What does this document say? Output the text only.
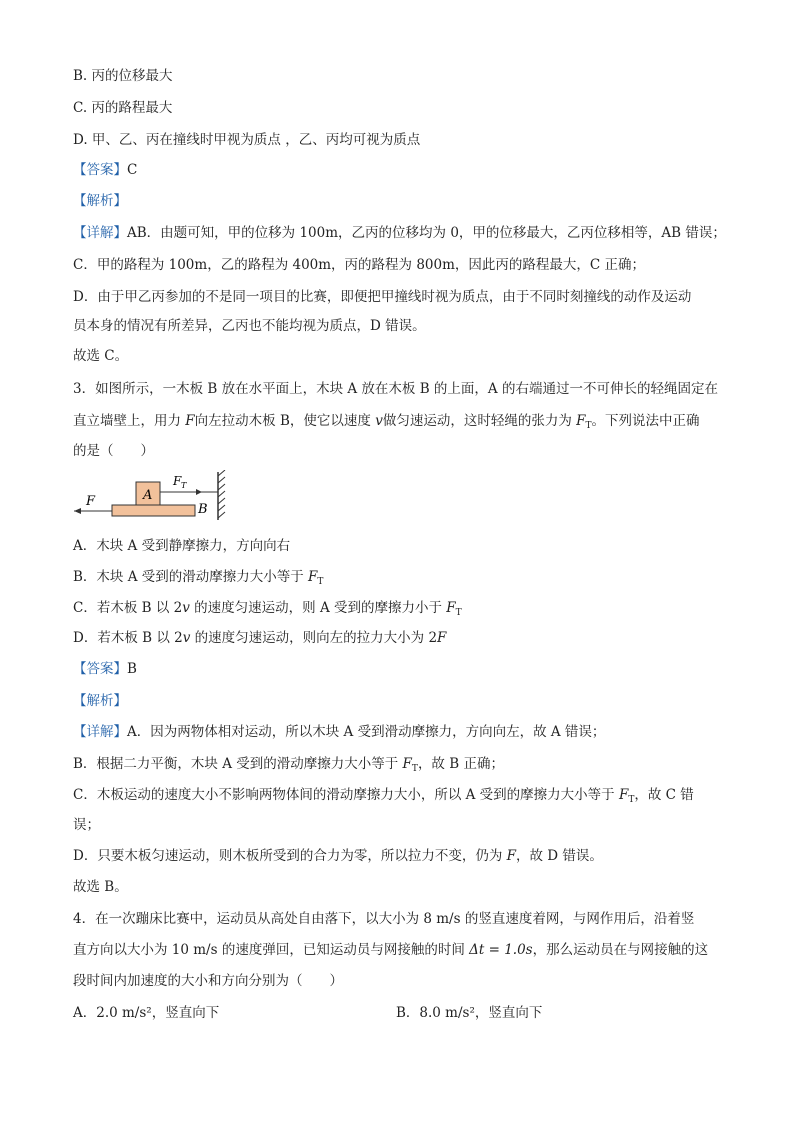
B. 丙的位移最大
C. 丙的路程最大
D. 甲、乙、丙在撞线时甲视为质点 ，乙、丙均可视为质点
【答案】C
【解析】
【详解】AB．由题可知，甲的位移为 100m，乙丙的位移均为 0，甲的位移最大，乙丙位移相等，AB 错误；
C．甲的路程为 100m，乙的路程为 400m，丙的路程为 800m，因此丙的路程最大，C 正确；
D．由于甲乙丙参加的不是同一项目的比赛，即便把甲撞线时视为质点，由于不同时刻撞线的动作及运动
员本身的情况有所差异，乙丙也不能均视为质点，D 错误。
故选 C。
3．如图所示，一木板 B 放在水平面上，木块 A 放在木板 B 的上面，A 的右端通过一不可伸长的轻绳固定在
直立墙壁上，用力 F向左拉动木板 B，使它以速度 v做匀速运动，这时轻绳的张力为 $F_T$。下列说法中正确
的是（　　）
A
B
F T
F
A．木块 A 受到静摩擦力，方向向右
B．木块 A 受到的滑动摩擦力大小等于 $F_T$
C．若木板 B 以 2v 的速度匀速运动，则 A 受到的摩擦力小于 $F_T$
D．若木板 B 以 2v 的速度匀速运动，则向左的拉力大小为 2F
【答案】B
【解析】
【详解】A．因为两物体相对运动，所以木块 A 受到滑动摩擦力，方向向左，故 A 错误；
B．根据二力平衡，木块 A 受到的滑动摩擦力大小等于 $F_T$，故 B 正确；
C．木板运动的速度大小不影响两物体间的滑动摩擦力大小，所以 A 受到的摩擦力大小等于 $F_T$，故 C 错
误；
D．只要木板匀速运动，则木板所受到的合力为零，所以拉力不变，仍为 F，故 D 错误。
故选 B。
4．在一次蹦床比赛中，运动员从高处自由落下，以大小为 8 m/s 的竖直速度着网，与网作用后，沿着竖
直方向以大小为 10 m/s 的速度弹回，已知运动员与网接触的时间 Δt = 1.0s，那么运动员在与网接触的这
段时间内加速度的大小和方向分别为（　　）
A．2.0 m/s²，竖直向下	B．8.0 m/s²，竖直向下
